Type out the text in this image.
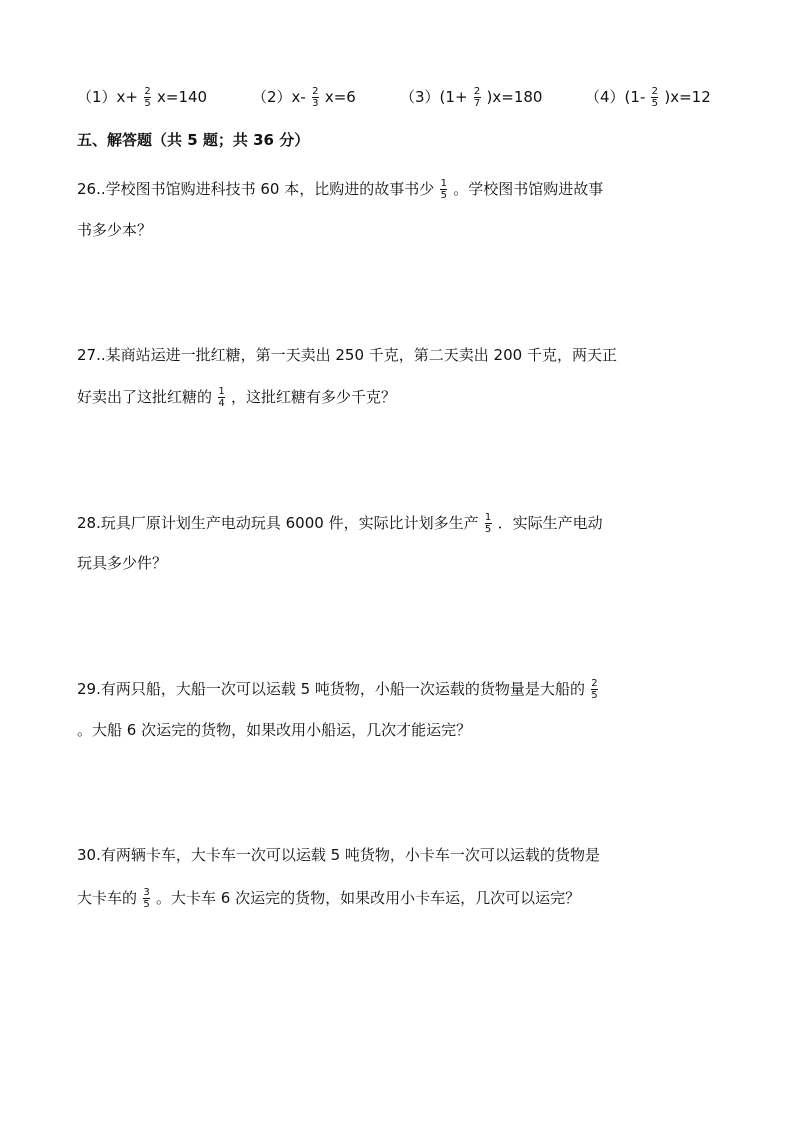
$(1)x+ \frac{2}{5} x=140$	$(2)x- \frac{2}{3} x=6$	$(3)(1+ \frac{2}{7} )x=180$	$(4)(1- \frac{2}{5} )x=12$
五、解答题（共 5 题；共 36 分）
26..学校图书馆购进科技书 60 本，比购进的故事书少 $\frac{1}{5}$ 。学校图书馆购进故事
书多少本？
27..某商站运进一批红糖，第一天卖出 250 千克，第二天卖出 200 千克，两天正
好卖出了这批红糖的 $\frac{1}{4}$ ，这批红糖有多少千克？
28.玩具厂原计划生产电动玩具 6000 件，实际比计划多生产 $\frac{1}{5}$ ．实际生产电动
玩具多少件？
29.有两只船，大船一次可以运载 5 吨货物，小船一次运载的货物量是大船的 $\frac{2}{5}$
。大船 6 次运完的货物，如果改用小船运，几次才能运完？
30.有两辆卡车，大卡车一次可以运载 5 吨货物，小卡车一次可以运载的货物是
大卡车的 $\frac{3}{5}$ 。大卡车 6 次运完的货物，如果改用小卡车运，几次可以运完？
